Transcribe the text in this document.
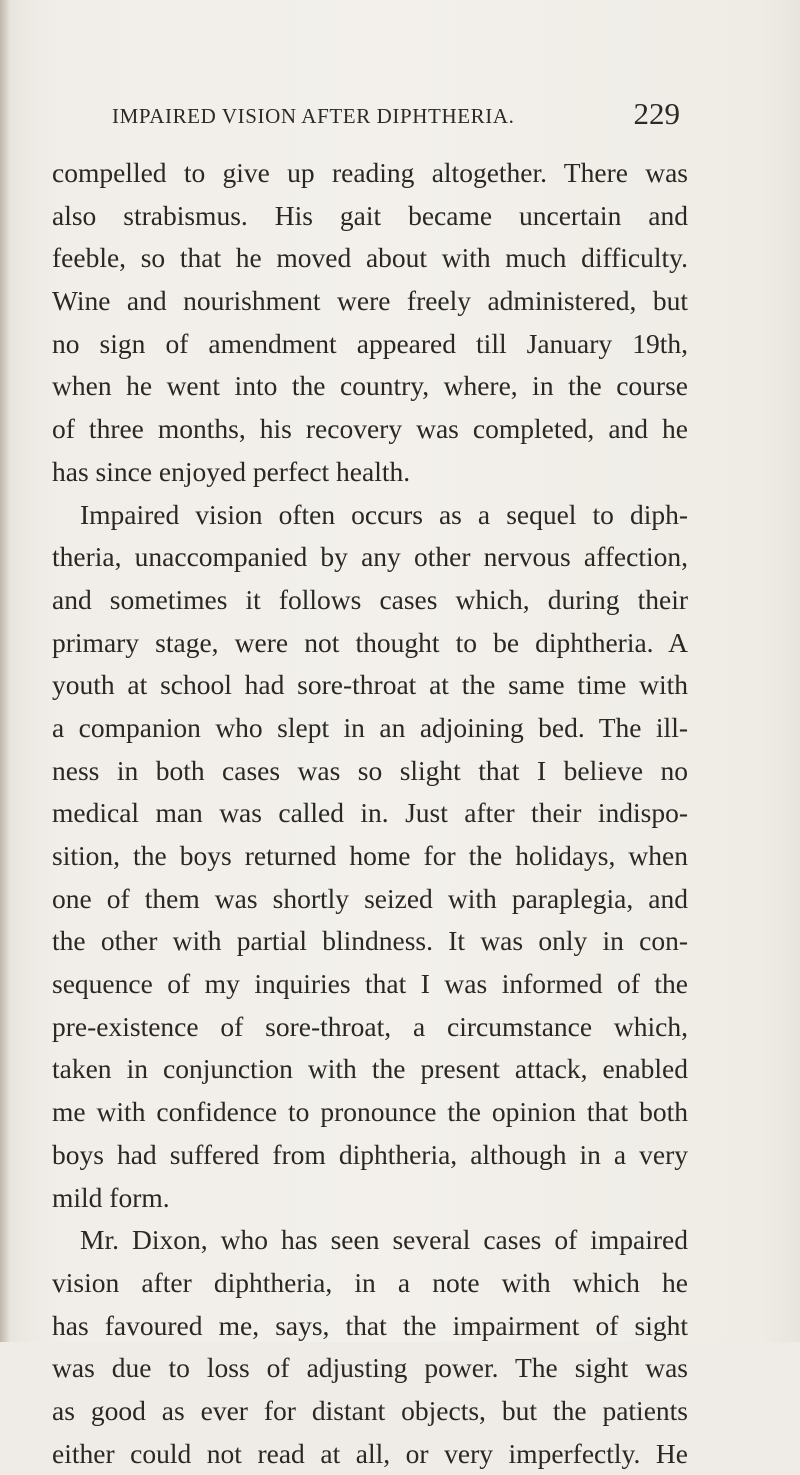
IMPAIRED VISION AFTER DIPHTHERIA.	229
compelled to give up reading altogether. There was
also strabismus. His gait became uncertain and
feeble, so that he moved about with much difficulty.
Wine and nourishment were freely administered, but
no sign of amendment appeared till January 19th,
when he went into the country, where, in the course
of three months, his recovery was completed, and he
has since enjoyed perfect health.
Impaired vision often occurs as a sequel to diph-
theria, unaccompanied by any other nervous affection,
and sometimes it follows cases which, during their
primary stage, were not thought to be diphtheria. A
youth at school had sore-throat at the same time with
a companion who slept in an adjoining bed. The ill-
ness in both cases was so slight that I believe no
medical man was called in. Just after their indispo-
sition, the boys returned home for the holidays, when
one of them was shortly seized with paraplegia, and
the other with partial blindness. It was only in con-
sequence of my inquiries that I was informed of the
pre-existence of sore-throat, a circumstance which,
taken in conjunction with the present attack, enabled
me with confidence to pronounce the opinion that both
boys had suffered from diphtheria, although in a very
mild form.
Mr. Dixon, who has seen several cases of impaired
vision after diphtheria, in a note with which he
has favoured me, says, that the impairment of sight
was due to loss of adjusting power. The sight was
as good as ever for distant objects, but the patients
either could not read at all, or very imperfectly. He
